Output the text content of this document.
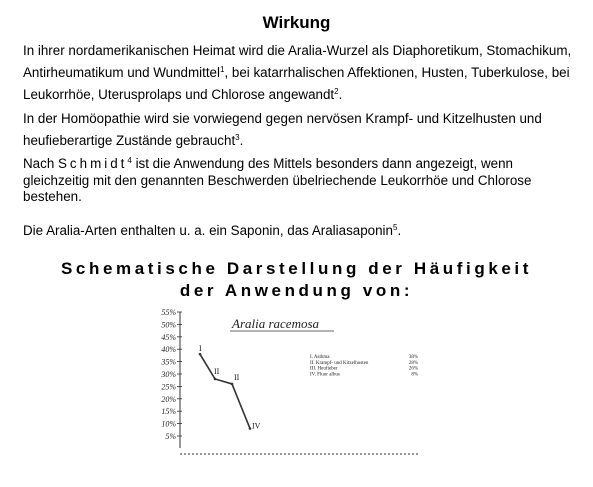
Wirkung
In ihrer nordamerikanischen Heimat wird die Aralia-Wurzel als Diaphoretikum, Stomachikum, Antirheumatikum und Wundmittel$^1$, bei katarrhalischen Affektionen, Husten, Tuberkulose, bei Leukorrhöe, Uterusprolaps und Chlorose angewandt$^2$.
In der Homöopathie wird sie vorwiegend gegen nervösen Krampf- und Kitzelhusten und heufieberartige Zustände gebraucht$^3$.
Nach Schmidt$^4$ ist die Anwendung des Mittels besonders dann angezeigt, wenn gleichzeitig mit den genannten Beschwerden übelriechende Leukorrhöe und Chlorose bestehen.
Die Aralia-Arten enthalten u. a. ein Saponin, das Araliasaponin$^5$.
Schematische Darstellung der Häufigkeit
der Anwendung von:
Aralia racemosa
55%
50%
45%
40%
35%
30%
25%
20%
15%
10%
5%
I
II
II
IV
I. Asthma	38%
II. Krampf- und Kitzelhusten	28%
III. Heufieber	26%
IV. Fluor albus	8%
